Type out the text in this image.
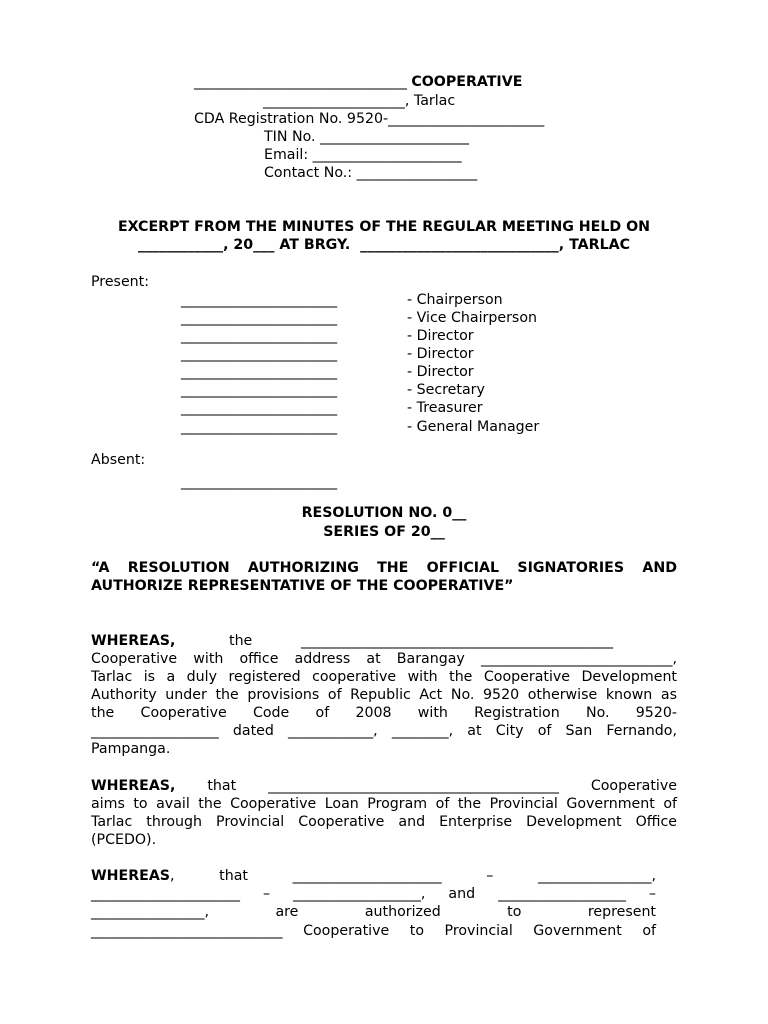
______________________________ COOPERATIVE
____________________, Tarlac
CDA Registration No. 9520-______________________
TIN No. _____________________
Email: _____________________
Contact No.: _________________
EXCERPT FROM THE MINUTES OF THE REGULAR MEETING HELD ON
____________, 20___ AT BRGY.  ____________________________, TARLAC
Present:
______________________	- Chairperson
______________________	- Vice Chairperson
______________________	- Director
______________________	- Director
______________________	- Director
______________________	- Secretary
______________________	- Treasurer
______________________	- General Manager
Absent:
______________________
RESOLUTION NO. 0__
SERIES OF 20__
“A RESOLUTION AUTHORIZING THE OFFICIAL SIGNATORIES AND
AUTHORIZE REPRESENTATIVE OF THE COOPERATIVE”
WHEREAS,	the	____________________________________________
Cooperative with office address at Barangay ___________________________,
Tarlac is a duly registered cooperative with the Cooperative Development
Authority under the provisions of Republic Act No. 9520 otherwise known as
the Cooperative Code of 2008 with Registration No. 9520-
__________________ dated ____________, ________, at City of San Fernando,
Pampanga.
WHEREAS, that _________________________________________ Cooperative
aims to avail the Cooperative Loan Program of the Provincial Government of
Tarlac through Provincial Cooperative and Enterprise Development Office
(PCEDO).
WHEREAS, that _____________________ – ________________,
_____________________ – __________________, and __________________ –
________________, are authorized to represent
___________________________ Cooperative to Provincial Government of
